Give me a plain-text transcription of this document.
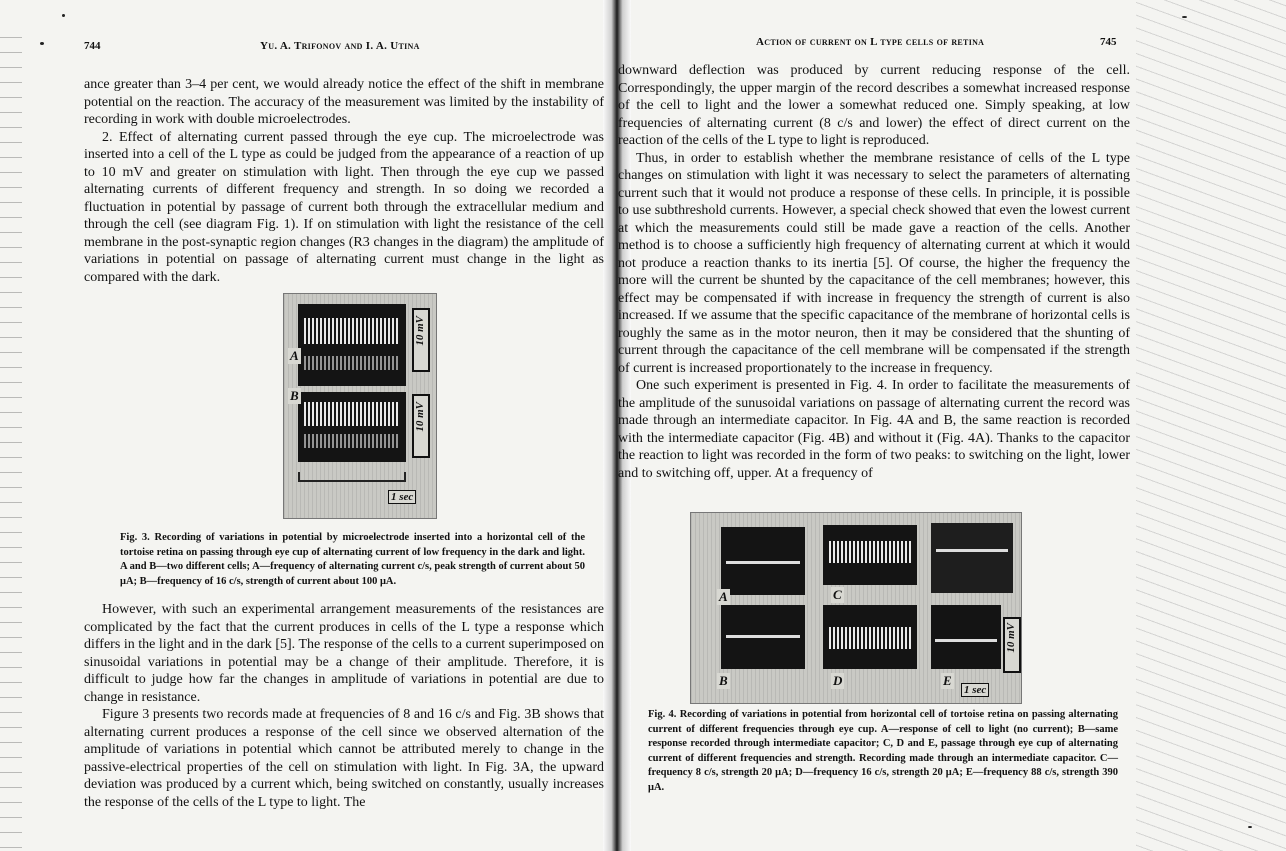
744	Yu. A. Trifonov and I. A. Utina

ance greater than 3–4 per cent, we would already notice the effect of the shift in membrane potential on the reaction. The accuracy of the measurement was limited by the instability of recording in work with double microelectrodes.

2. Effect of alternating current passed through the eye cup. The microelectrode was inserted into a cell of the L type as could be judged from the appearance of a reaction of up to 10 mV and greater on stimulation with light. Then through the eye cup we passed alternating currents of different frequency and strength. In so doing we recorded a fluctuation in potential by passage of current both through the extracellular medium and through the cell (see diagram Fig. 1). If on stimulation with light the resistance of the cell membrane in the post-synaptic region changes (R3 changes in the diagram) the amplitude of variations in potential on passage of alternating current must change in the light as compared with the dark.

A
B
10 mV
10 mV
1 sec

Fig. 3. Recording of variations in potential by microelectrode inserted into a horizontal cell of the tortoise retina on passing through eye cup of alternating current of low frequency in the dark and light. A and B—two different cells; A—frequency of alternating current c/s, peak strength of current about 50 μA; B—frequency of 16 c/s, strength of current about 100 μA.

However, with such an experimental arrangement measurements of the resistances are complicated by the fact that the current produces in cells of the L type a response which differs in the light and in the dark [5]. The response of the cells to a current superimposed on sinusoidal variations in potential may be a change of their amplitude. Therefore, it is difficult to judge how far the changes in amplitude of variations in potential are due to change in resistance.

Figure 3 presents two records made at frequencies of 8 and 16 c/s and Fig. 3B shows that alternating current produces a response of the cell since we observed alternation of the amplitude of variations in potential which cannot be attributed merely to change in the passive-electrical properties of the cell on stimulation with light. In Fig. 3A, the upward deviation was produced by a current which, being switched on constantly, usually increases the response of the cells of the L type to light. The

Action of current on L type cells of retina	745

downward deflection was produced by current reducing response of the cell. Correspondingly, the upper margin of the record describes a somewhat increased response of the cell to light and the lower a somewhat reduced one. Simply speaking, at low frequencies of alternating current (8 c/s and lower) the effect of direct current on the reaction of the cells of the L type to light is reproduced.

Thus, in order to establish whether the membrane resistance of cells of the L type changes on stimulation with light it was necessary to select the parameters of alternating current such that it would not produce a response of these cells. In principle, it is possible to use subthreshold currents. However, a special check showed that even the lowest current at which the measurements could still be made gave a reaction of the cells. Another method is to choose a sufficiently high frequency of alternating current at which it would not produce a reaction thanks to its inertia [5]. Of course, the higher the frequency the more will the current be shunted by the capacitance of the cell membranes; however, this effect may be compensated if with increase in frequency the strength of current is also increased. If we assume that the specific capacitance of the membrane of horizontal cells is roughly the same as in the motor neuron, then it may be considered that the shunting of current through the capacitance of the cell membrane will be compensated if the strength of current is increased proportionately to the increase in frequency.

One such experiment is presented in Fig. 4. In order to facilitate the measurements of the amplitude of the sunusoidal variations on passage of alternating current the record was made through an intermediate capacitor. In Fig. 4A and B, the same reaction is recorded with the intermediate capacitor (Fig. 4B) and without it (Fig. 4A). Thanks to the capacitor the reaction to light was recorded in the form of two peaks: to switching on the light, lower and to switching off, upper. At a frequency of

A
B
C
D	E
10 mV
1 sec

Fig. 4. Recording of variations in potential from horizontal cell of tortoise retina on passing alternating current of different frequencies through eye cup. A—response of cell to light (no current); B—same response recorded through intermediate capacitor; C, D and E, passage through eye cup of alternating current of different frequencies and strength. Recording made through an intermediate capacitor. C—frequency 8 c/s, strength 20 μA; D—frequency 16 c/s, strength 20 μA; E—frequency 88 c/s, strength 390 μA.
